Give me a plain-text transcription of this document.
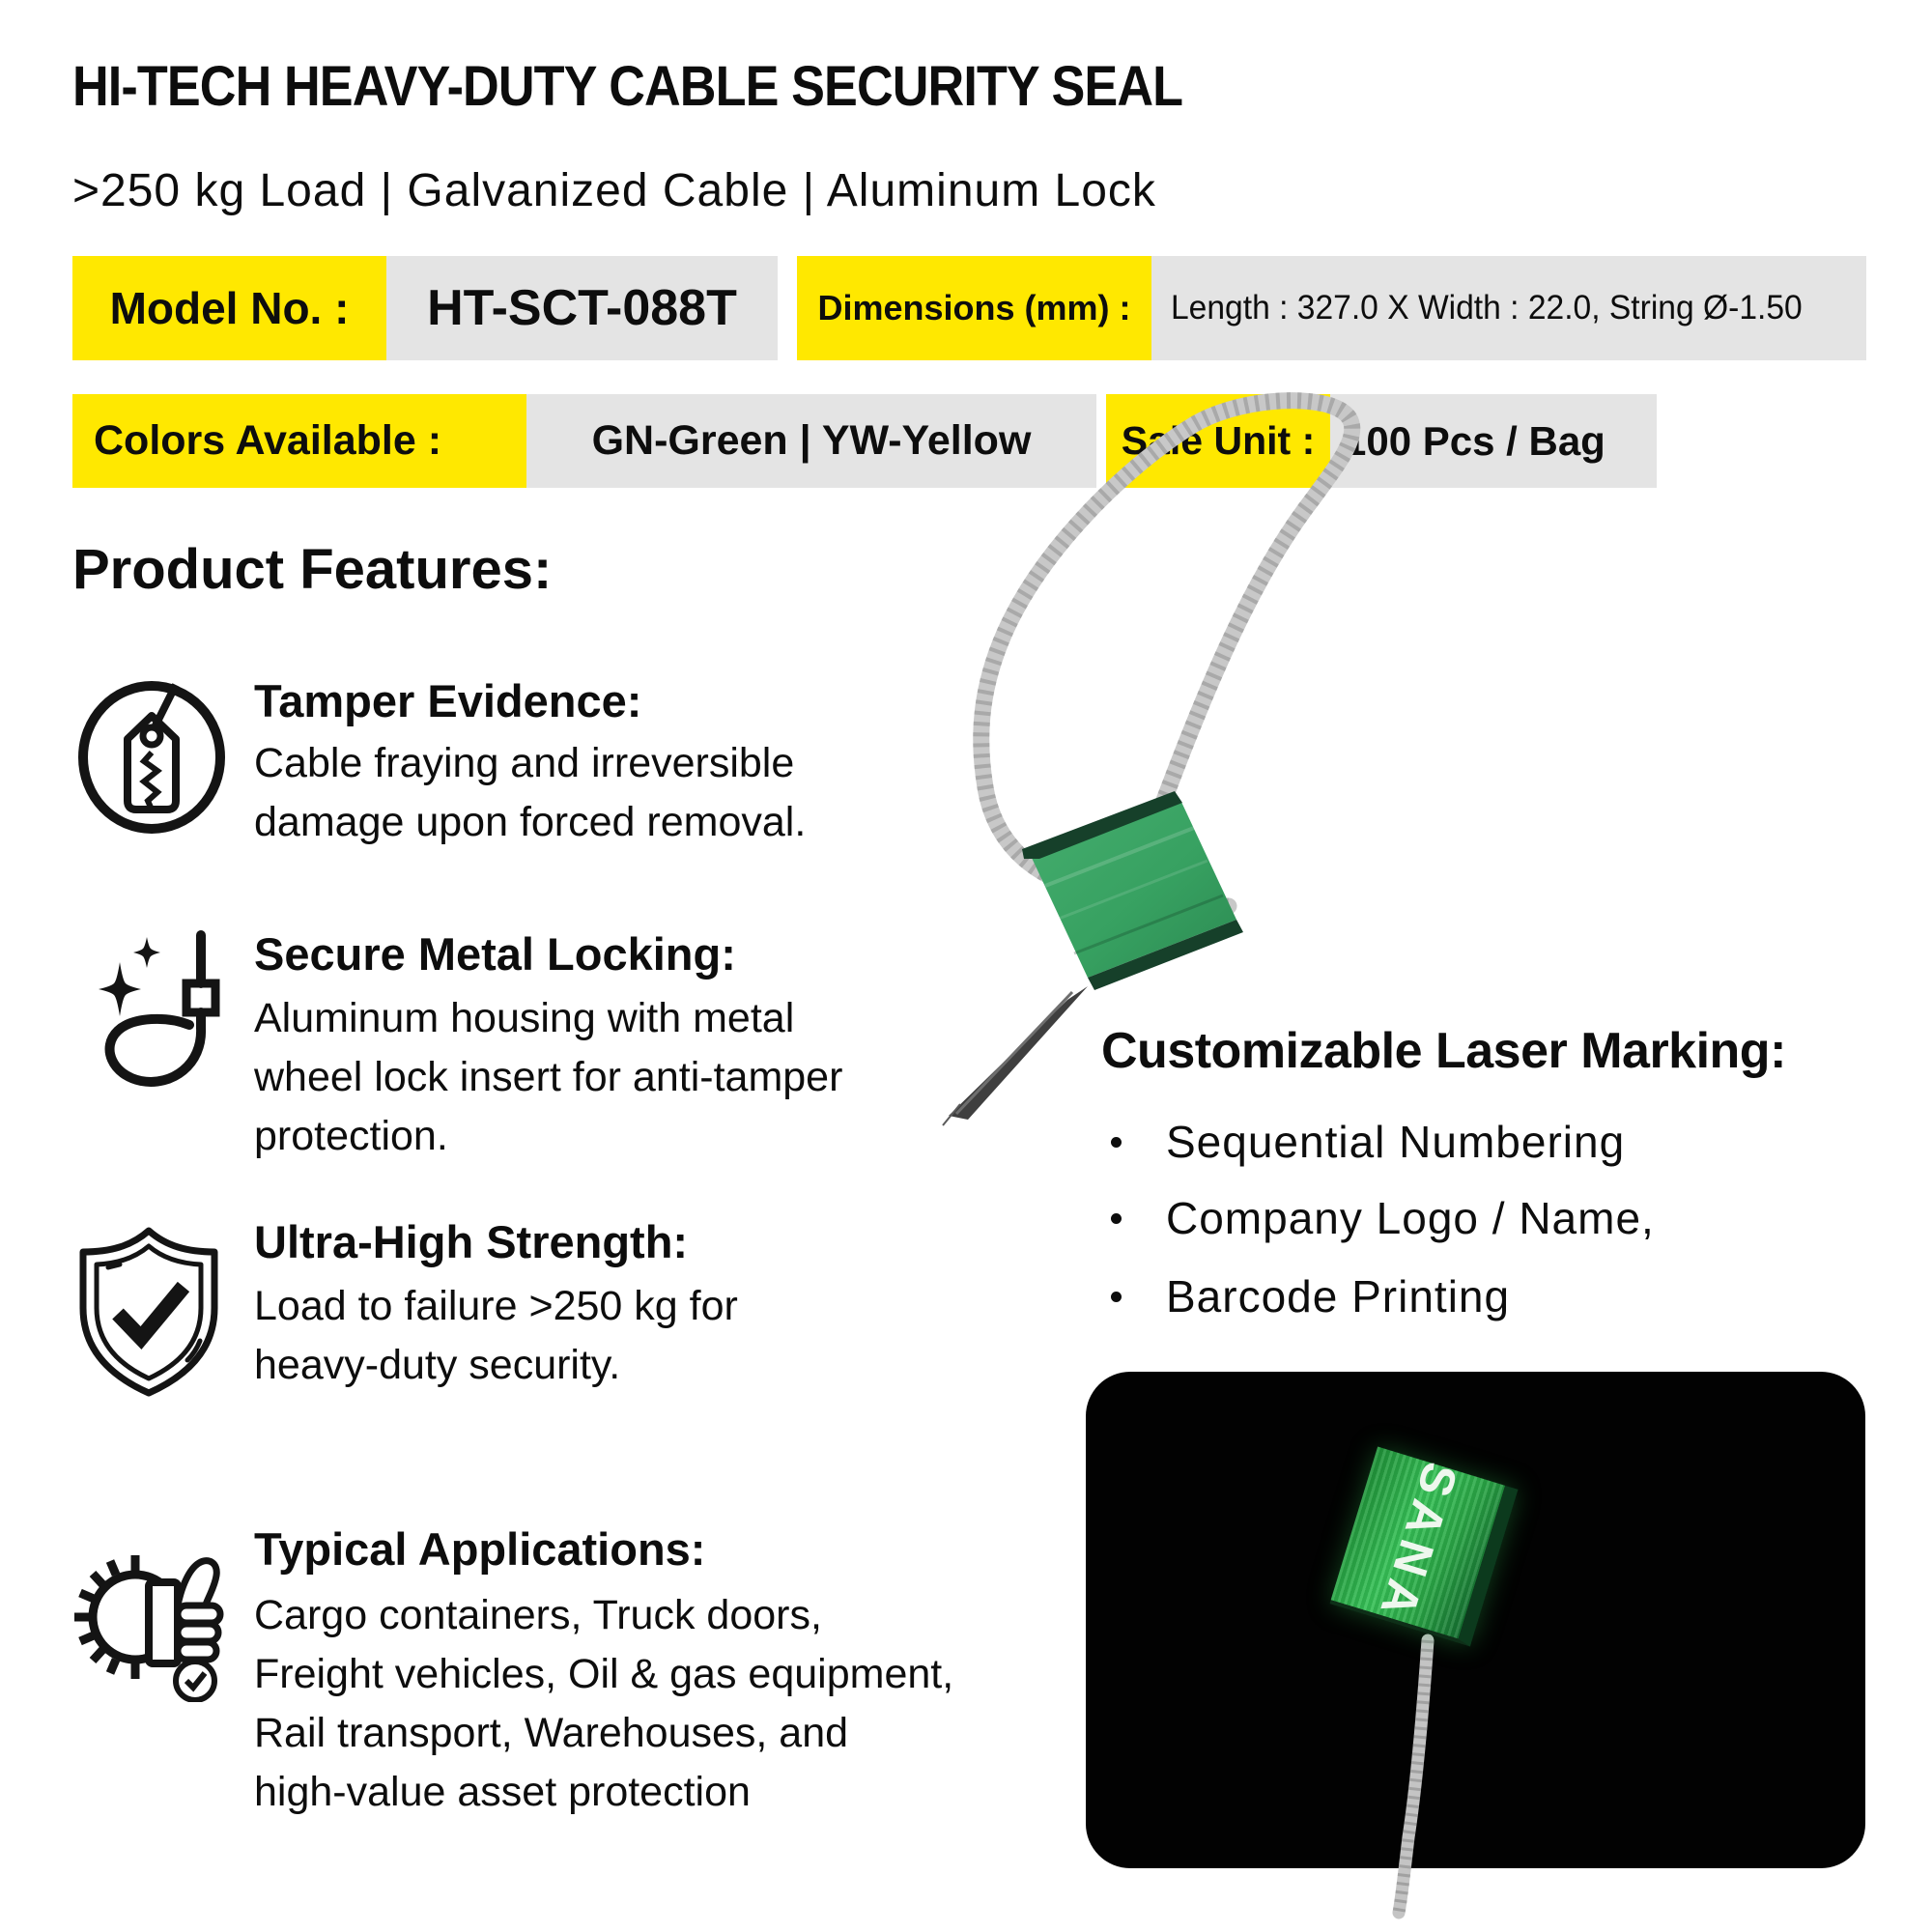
HI-TECH HEAVY-DUTY CABLE SECURITY SEAL
>250 kg Load | Galvanized Cable | Aluminum Lock
Model No. :	HT-SCT-088T	Dimensions (mm) :	Length : 327.0 X Width : 22.0, String Ø-1.50
Colors Available :	GN-Green | YW-Yellow	Sale Unit : 100 Pcs / Bag
Product Features:
Tamper Evidence:
Cable fraying and irreversible
damage upon forced removal.
Secure Metal Locking:
Aluminum housing with metal
wheel lock insert for anti-tamper
protection.
Ultra-High Strength:
Load to failure >250 kg for
heavy-duty security.
Typical Applications:
Cargo containers, Truck doors,
Freight vehicles, Oil & gas equipment,
Rail transport, Warehouses, and
high-value asset protection
Customizable Laser Marking:
Sequential Numbering
Company Logo / Name,
Barcode Printing
SANA
